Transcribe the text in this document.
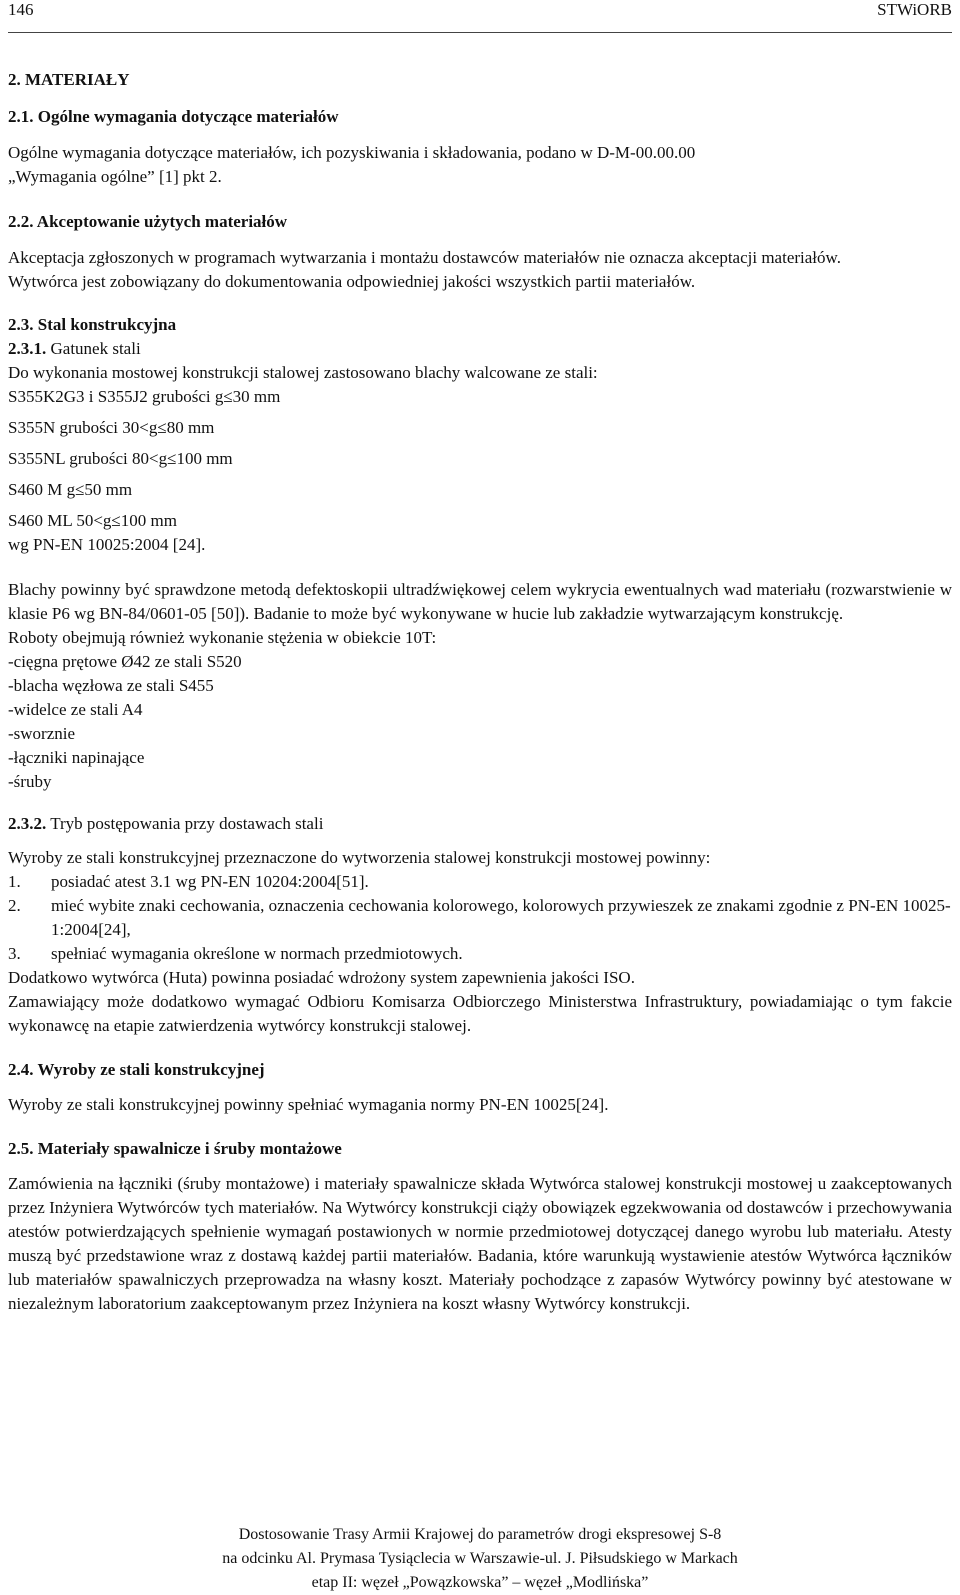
146	STWiORB

2. MATERIAŁY

2.1. Ogólne wymagania dotyczące materiałów

Ogólne wymagania dotyczące materiałów, ich pozyskiwania i składowania, podano w D-M-00.00.00

„Wymagania ogólne” [1] pkt 2.

2.2. Akceptowanie użytych materiałów

Akceptacja zgłoszonych w programach wytwarzania i montażu dostawców materiałów nie oznacza akceptacji materiałów.

Wytwórca jest zobowiązany do dokumentowania odpowiedniej jakości wszystkich partii materiałów.

2.3. Stal konstrukcyjna

2.3.1. Gatunek stali

Do wykonania mostowej konstrukcji stalowej zastosowano blachy walcowane ze stali:

S355K2G3 i S355J2 grubości g≤30 mm

S355N grubości 30<g≤80 mm

S355NL grubości 80<g≤100 mm

S460 M g≤50 mm

S460 ML 50<g≤100 mm

wg PN-EN 10025:2004 [24].

Blachy powinny być sprawdzone metodą defektoskopii ultradźwiękowej celem wykrycia ewentualnych wad materiału (rozwarstwienie w klasie P6 wg BN-84/0601-05 [50]). Badanie to może być wykonywane w hucie lub zakładzie wytwarzającym konstrukcję.

Roboty obejmują również wykonanie stężenia w obiekcie 10T:

-cięgna prętowe Ø42 ze stali S520

-blacha węzłowa ze stali S455

-widelce ze stali A4

-sworznie

-łączniki napinające

-śruby

2.3.2. Tryb postępowania przy dostawach stali

Wyroby ze stali konstrukcyjnej przeznaczone do wytworzenia stalowej konstrukcji mostowej powinny:

1. posiadać atest 3.1 wg PN-EN 10204:2004[51].
2. mieć wybite znaki cechowania, oznaczenia cechowania kolorowego, kolorowych przywieszek ze znakami zgodnie z PN-EN 10025-1:2004[24],
3. spełniać wymagania określone w normach przedmiotowych.

Dodatkowo wytwórca (Huta) powinna posiadać wdrożony system zapewnienia jakości ISO.

Zamawiający może dodatkowo wymagać Odbioru Komisarza Odbiorczego Ministerstwa Infrastruktury, powiadamiając o tym fakcie wykonawcę na etapie zatwierdzenia wytwórcy konstrukcji stalowej.

2.4. Wyroby ze stali konstrukcyjnej

Wyroby ze stali konstrukcyjnej powinny spełniać wymagania normy PN-EN 10025[24].

2.5. Materiały spawalnicze i śruby montażowe

Zamówienia na łączniki (śruby montażowe) i materiały spawalnicze składa Wytwórca stalowej konstrukcji mostowej u zaakceptowanych przez Inżyniera Wytwórców tych materiałów. Na Wytwórcy konstrukcji ciąży obowiązek egzekwowania od dostawców i przechowywania atestów potwierdzających spełnienie wymagań postawionych w normie przedmiotowej dotyczącej danego wyrobu lub materiału. Atesty muszą być przedstawione wraz z dostawą każdej partii materiałów. Badania, które warunkują wystawienie atestów Wytwórca łączników lub materiałów spawalniczych przeprowadza na własny koszt. Materiały pochodzące z zapasów Wytwórcy powinny być atestowane w niezależnym laboratorium zaakceptowanym przez Inżyniera na koszt własny Wytwórcy konstrukcji.

Dostosowanie Trasy Armii Krajowej do parametrów drogi ekspresowej S-8
na odcinku Al. Prymasa Tysiąclecia w Warszawie-ul. J. Piłsudskiego w Markach
etap II: węzeł „Powązkowska” – węzeł „Modlińska”
